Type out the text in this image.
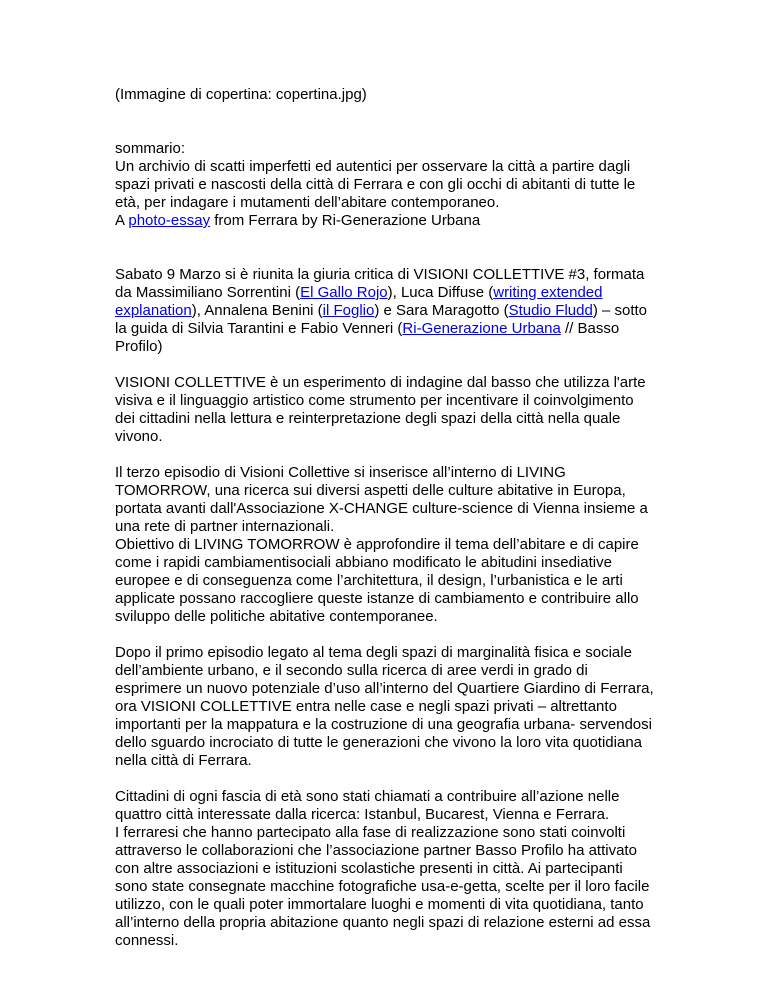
(Immagine di copertina: copertina.jpg)

sommario:

Un archivio di scatti imperfetti ed autentici per osservare la città a partire dagli spazi privati e nascosti della città di Ferrara e con gli occhi di abitanti di tutte le età, per indagare i mutamenti dell’abitare contemporaneo.

A photo-essay from Ferrara by Ri-Generazione Urbana

Sabato 9 Marzo si è riunita la giuria critica di VISIONI COLLETTIVE #3, formata da Massimiliano Sorrentini (El Gallo Rojo), Luca Diffuse (writing extended explanation), Annalena Benini (il Foglio) e Sara Maragotto (Studio Fludd) – sotto la guida di Silvia Tarantini e Fabio Venneri (Ri-Generazione Urbana // Basso Profilo)

VISIONI COLLETTIVE è un esperimento di indagine dal basso che utilizza l'arte visiva e il linguaggio artistico come strumento per incentivare il coinvolgimento dei cittadini nella lettura e reinterpretazione degli spazi della città nella quale vivono.

Il terzo episodio di Visioni Collettive si inserisce all’interno di LIVING TOMORROW, una ricerca sui diversi aspetti delle culture abitative in Europa, portata avanti dall'Associazione X-CHANGE culture-science di Vienna insieme a una rete di partner internazionali.

Obiettivo di LIVING TOMORROW è approfondire il tema dell’abitare e di capire come i rapidi cambiamentisociali abbiano modificato le abitudini insediative europee e di conseguenza come l’architettura, il design, l’urbanistica e le arti applicate possano raccogliere queste istanze di cambiamento e contribuire allo sviluppo delle politiche abitative contemporanee.

Dopo il primo episodio legato al tema degli spazi di marginalità fisica e sociale dell’ambiente urbano, e il secondo sulla ricerca di aree verdi in grado di esprimere un nuovo potenziale d’uso all’interno del Quartiere Giardino di Ferrara, ora VISIONI COLLETTIVE entra nelle case e negli spazi privati – altrettanto importanti per la mappatura e la costruzione di una geografia urbana- servendosi dello sguardo incrociato di tutte le generazioni che vivono la loro vita quotidiana nella città di Ferrara.

Cittadini di ogni fascia di età sono stati chiamati a contribuire all’azione nelle quattro città interessate dalla ricerca: Istanbul, Bucarest, Vienna e Ferrara.

I ferraresi che hanno partecipato alla fase di realizzazione sono stati coinvolti attraverso le collaborazioni che l’associazione partner Basso Profilo ha attivato con altre associazioni e istituzioni scolastiche presenti in città. Ai partecipanti sono state consegnate macchine fotografiche usa-e-getta, scelte per il loro facile utilizzo, con le quali poter immortalare luoghi e momenti di vita quotidiana, tanto all’interno della propria abitazione quanto negli spazi di relazione esterni ad essa connessi.
